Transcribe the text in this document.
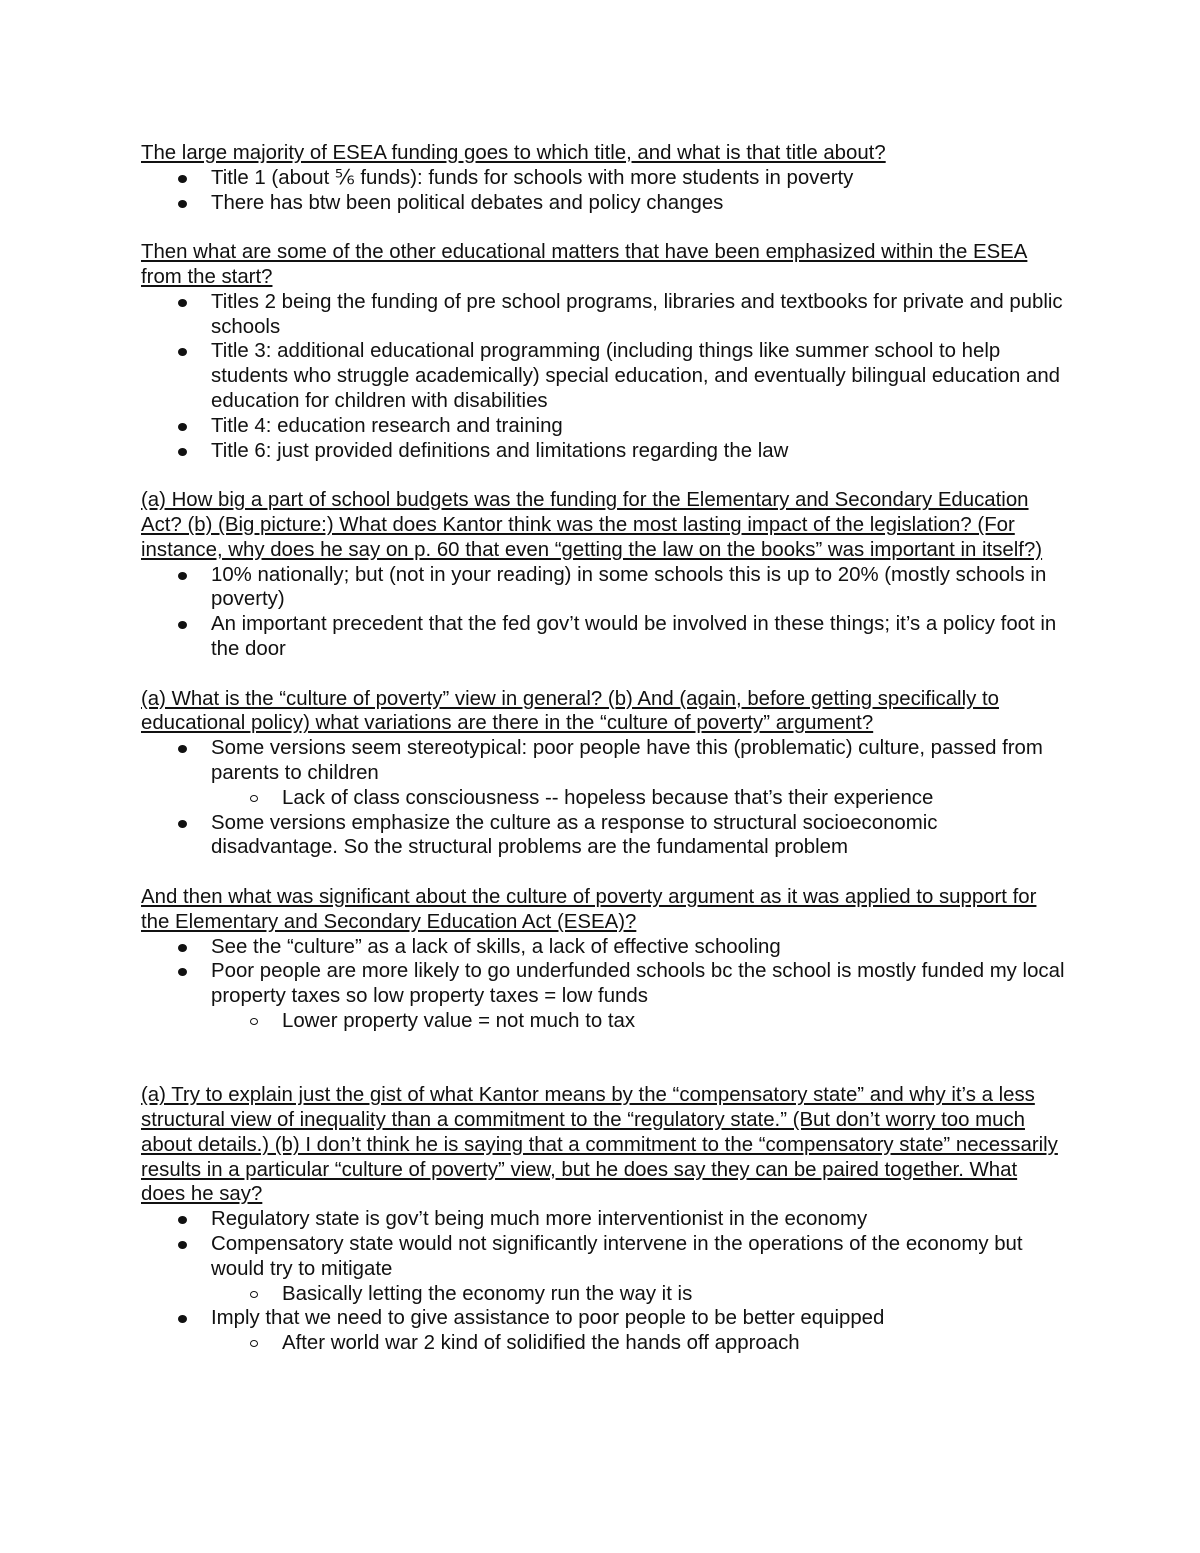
The large majority of ESEA funding goes to which title, and what is that title about?

Title 1 (about ⅚ funds): funds for schools with more students in poverty
There has btw been political debates and policy changes

Then what are some of the other educational matters that have been emphasized within the ESEA from the start?

Titles 2 being the funding of pre school programs, libraries and textbooks for private and public schools
Title 3: additional educational programming (including things like summer school to help students who struggle academically) special education, and eventually bilingual education and education for children with disabilities
Title 4: education research and training
Title 6: just provided definitions and limitations regarding the law

(a) How big a part of school budgets was the funding for the Elementary and Secondary Education Act? (b) (Big picture:) What does Kantor think was the most lasting impact of the legislation? (For instance, why does he say on p. 60 that even “getting the law on the books” was important in itself?)

10% nationally; but (not in your reading) in some schools this is up to 20% (mostly schools in poverty)
An important precedent that the fed gov’t would be involved in these things; it’s a policy foot in the door

(a) What is the “culture of poverty” view in general? (b) And (again, before getting specifically to educational policy) what variations are there in the “culture of poverty” argument?

Some versions seem stereotypical: poor people have this (problematic) culture, passed from parents to children
Lack of class consciousness -- hopeless because that’s their experience
Some versions emphasize the culture as a response to structural socioeconomic disadvantage. So the structural problems are the fundamental problem

And then what was significant about the culture of poverty argument as it was applied to support for the Elementary and Secondary Education Act (ESEA)?

See the “culture” as a lack of skills, a lack of effective schooling
Poor people are more likely to go underfunded schools bc the school is mostly funded my local property taxes so low property taxes = low funds
Lower property value = not much to tax

(a) Try to explain just the gist of what Kantor means by the “compensatory state” and why it’s a less structural view of inequality than a commitment to the “regulatory state.” (But don’t worry too much about details.) (b) I don’t think he is saying that a commitment to the “compensatory state” necessarily results in a particular “culture of poverty” view, but he does say they can be paired together. What does he say?

Regulatory state is gov’t being much more interventionist in the economy
Compensatory state would not significantly intervene in the operations of the economy but would try to mitigate
Basically letting the economy run the way it is
Imply that we need to give assistance to poor people to be better equipped
After world war 2 kind of solidified the hands off approach
